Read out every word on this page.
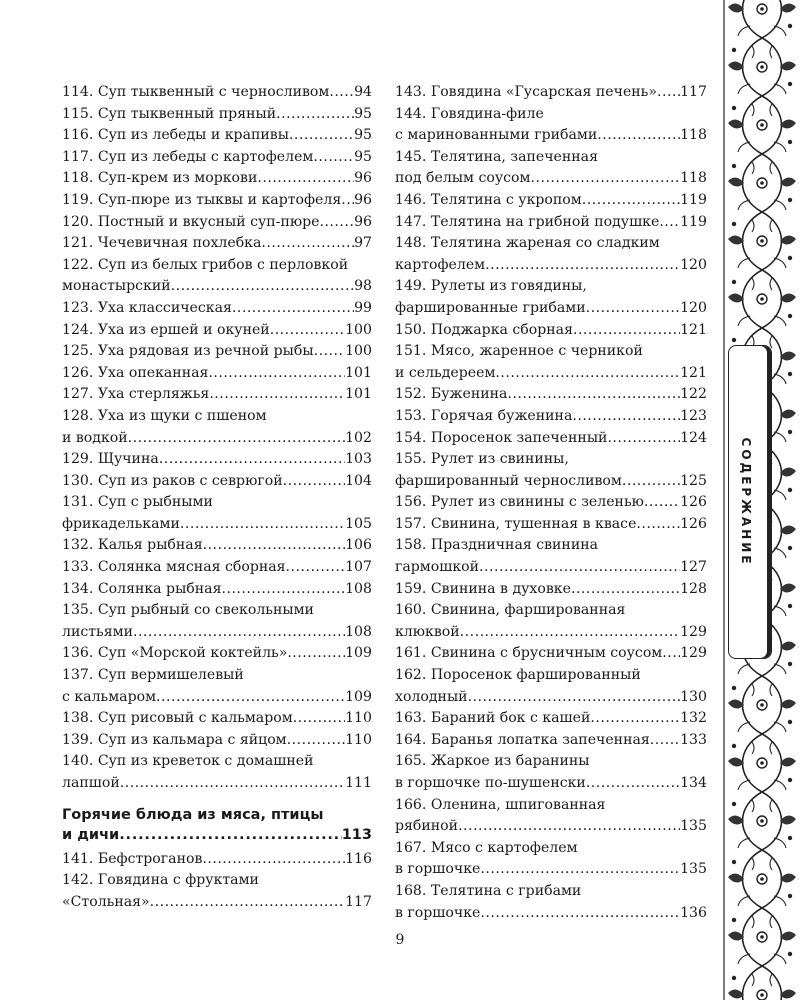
114. Суп тыквенный с черносливом ..... 94
115. Суп тыквенный пряный .....	95
116. Суп из лебеды и крапивы .....	95
117. Суп из лебеды с картофелем .....	95
118. Суп-крем из моркови .....	96
119. Суп-пюре из тыквы и картофеля ..... 96
120. Постный и вкусный суп-пюре ..... 96
121. Чечевичная похлебка .....	97
122. Суп из белых грибов с перловкой
монастырский .....	98
123. Уха классическая .....	99
124. Уха из ершей и окуней .....	100
125. Уха рядовая из речной рыбы ..... 100
126. Уха опеканная .....	101
127. Уха стерляжья .....	101
128. Уха из щуки с пшеном
и водкой .....	102
129. Щучина .....	103
130. Суп из раков с севрюгой .....	104
131. Суп с рыбными
фрикадельками .....	105
132. Калья рыбная .....	106
133. Солянка мясная сборная .....	107
134. Солянка рыбная .....	108
135. Суп рыбный со свекольными
листьями .....	108
136. Суп «Морской коктейль» .....	109
137. Суп вермишелевый
с кальмаром .....	109
138. Суп рисовый с кальмаром .....	110
139. Суп из кальмара с яйцом .....	110
140. Суп из креветок с домашней
лапшой .....	111
Горячие блюда из мяса, птицы
и дичи .....	113
141. Бефстроганов .....	116
142. Говядина с фруктами
«Стольная» .....	117
143. Говядина «Гусарская печень» ..... 117
144. Говядина-филе
с маринованными грибами .....	118
145. Телятина, запеченная
под белым соусом .....	118
146. Телятина с укропом .....	119
147. Телятина на грибной подушке ..... 119
148. Телятина жареная со сладким
картофелем .....	120
149. Рулеты из говядины,
фаршированные грибами .....	120
150. Поджарка сборная .....	121
151. Мясо, жаренное с черникой
и сельдереем .....	121
152. Буженина .....	122
153. Горячая буженина .....	123
154. Поросенок запеченный .....	124
155. Рулет из свинины,
фаршированный черносливом .....	125
156. Рулет из свинины с зеленью .....	126
157. Свинина, тушенная в квасе .....	126
158. Праздничная свинина
гармошкой .....	127
159. Свинина в духовке .....	128
160. Свинина, фаршированная
клюквой .....	129
161. Свинина с брусничным соусом ..... 129
162. Поросенок фаршированный
холодный .....	130
163. Бараний бок с кашей .....	132
164. Баранья лопатка запеченная ..... 133
165. Жаркое из баранины
в горшочке по-шушенски .....	134
166. Оленина, шпигованная
рябиной .....	135
167. Мясо с картофелем
в горшочке .....	135
168. Телятина с грибами
в горшочке .....	136
9
СОДЕРЖАНИЕ
